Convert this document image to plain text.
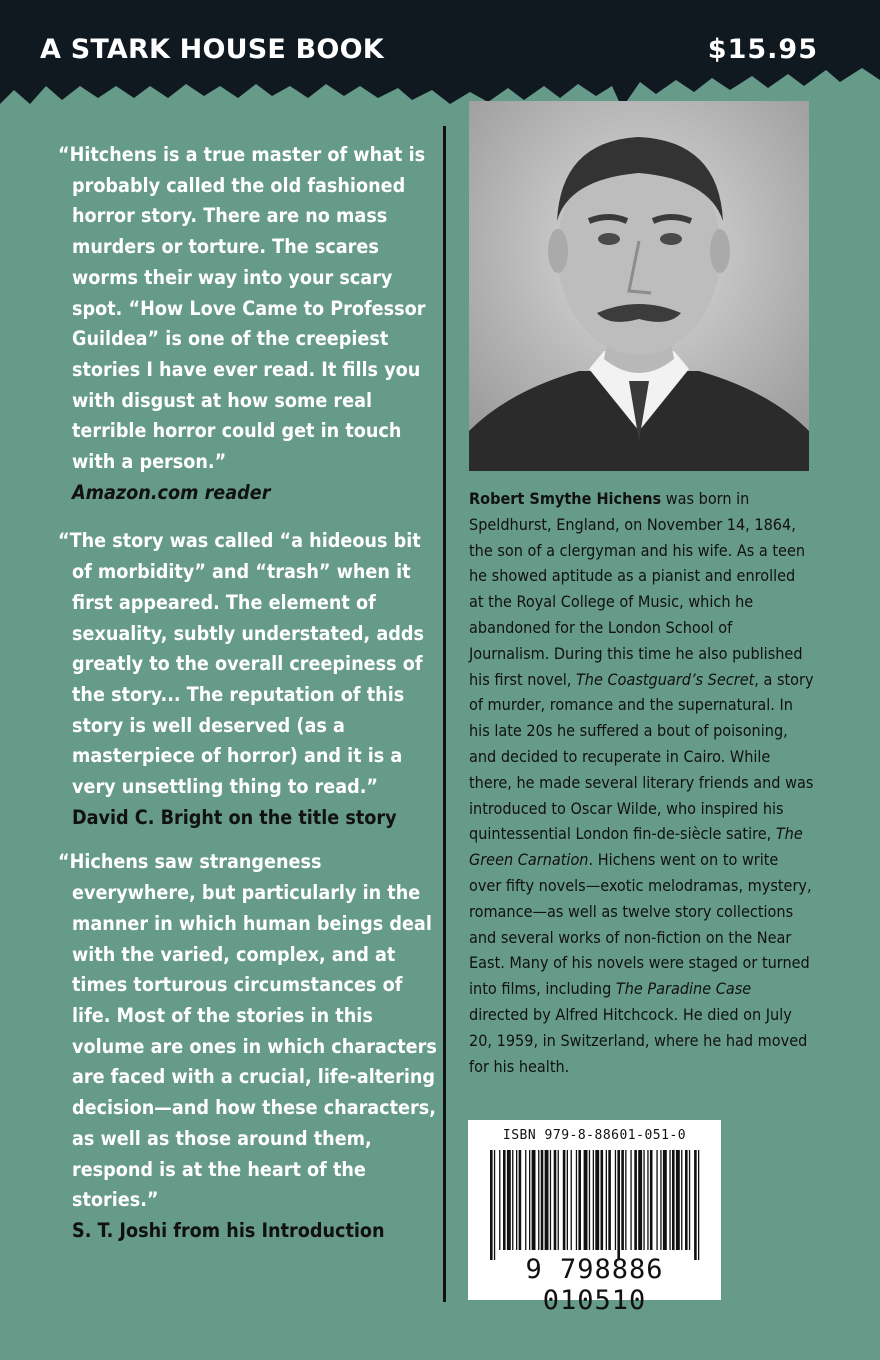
A STARK HOUSE BOOK	$15.95

“Hitchens is a true master of what is probably called the old fashioned horror story. There are no mass murders or torture. The scares worms their way into your scary spot. “How Love Came to Professor Guildea” is one of the creepiest stories I have ever read. It fills you with disgust at how some real terrible horror could get in touch with a person.”

Amazon.com reader

“The story was called “a hideous bit of morbidity” and “trash” when it first appeared. The element of sexuality, subtly understated, adds greatly to the overall creepiness of the story... The reputation of this story is well deserved (as a masterpiece of horror) and it is a very unsettling thing to read.”

David C. Bright on the title story

“Hichens saw strangeness everywhere, but particularly in the manner in which human beings deal with the varied, complex, and at times torturous circumstances of life. Most of the stories in this volume are ones in which characters are faced with a crucial, life-altering decision—and how these characters, as well as those around them, respond is at the heart of the stories.”

S. T. Joshi from his Introduction

Robert Smythe Hichens was born in Speldhurst, England, on November 14, 1864, the son of a clergyman and his wife. As a teen he showed aptitude as a pianist and enrolled at the Royal College of Music, which he abandoned for the London School of Journalism. During this time he also published his first novel, The Coastguard’s Secret, a story of murder, romance and the supernatural. In his late 20s he suffered a bout of poisoning, and decided to recuperate in Cairo. While there, he made several literary friends and was introduced to Oscar Wilde, who inspired his quintessential London fin-de-siècle satire, The Green Carnation. Hichens went on to write over fifty novels—exotic melodramas, mystery, romance—as well as twelve story collections and several works of non-fiction on the Near East. Many of his novels were staged or turned into films, including The Paradine Case directed by Alfred Hitchcock. He died on July 20, 1959, in Switzerland, where he had moved for his health.

ISBN 979-8-88601-051-0
9 798886 010510
